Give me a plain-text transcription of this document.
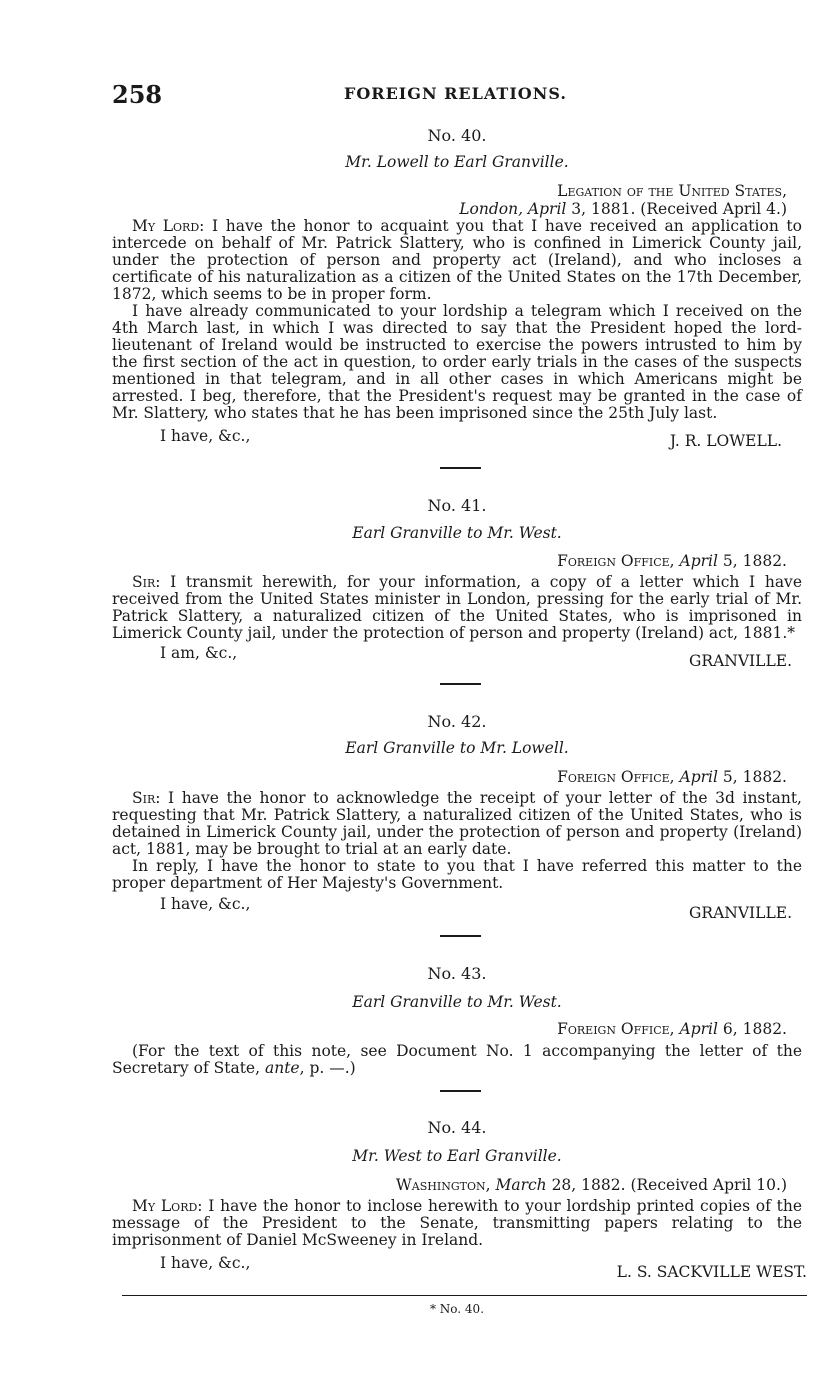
258	FOREIGN RELATIONS.
No. 40.
Mr. Lowell to Earl Granville.
Legation of the United States,
London, April 3, 1881. (Received April 4.)

My Lord: I have the honor to acquaint you that I have received an application to intercede on behalf of Mr. Patrick Slattery, who is confined in Limerick County jail, under the protection of person and property act (Ireland), and who incloses a certificate of his naturalization as a citizen of the United States on the 17th December, 1872, which seems to be in proper form.

I have already communicated to your lordship a telegram which I received on the 4th March last, in which I was directed to say that the President hoped the lord-lieutenant of Ireland would be instructed to exercise the powers intrusted to him by the first section of the act in question, to order early trials in the cases of the suspects mentioned in that telegram, and in all other cases in which Americans might be arrested. I beg, therefore, that the President's request may be granted in the case of Mr. Slattery, who states that he has been imprisoned since the 25th July last.

I have, &c.,	J. R. LOWELL.
No. 41.
Earl Granville to Mr. West.
Foreign Office, April 5, 1882.

Sir: I transmit herewith, for your information, a copy of a letter which I have received from the United States minister in London, pressing for the early trial of Mr. Patrick Slattery, a naturalized citizen of the United States, who is imprisoned in Limerick County jail, under the protection of person and property (Ireland) act, 1881.*

I am, &c.,	GRANVILLE.
No. 42.
Earl Granville to Mr. Lowell.
Foreign Office, April 5, 1882.

Sir: I have the honor to acknowledge the receipt of your letter of the 3d instant, requesting that Mr. Patrick Slattery, a naturalized citizen of the United States, who is detained in Limerick County jail, under the protection of person and property (Ireland) act, 1881, may be brought to trial at an early date.

In reply, I have the honor to state to you that I have referred this matter to the proper department of Her Majesty's Government.

I have, &c.,	GRANVILLE.
No. 43.
Earl Granville to Mr. West.
Foreign Office, April 6, 1882.

(For the text of this note, see Document No. 1 accompanying the letter of the Secretary of State, ante, p. —.)

No. 44.
Mr. West to Earl Granville.
Washington, March 28, 1882. (Received April 10.)

My Lord: I have the honor to inclose herewith to your lordship printed copies of the message of the President to the Senate, transmitting papers relating to the imprisonment of Daniel McSweeney in Ireland.

I have, &c.,	L. S. SACKVILLE WEST.
* No. 40.
